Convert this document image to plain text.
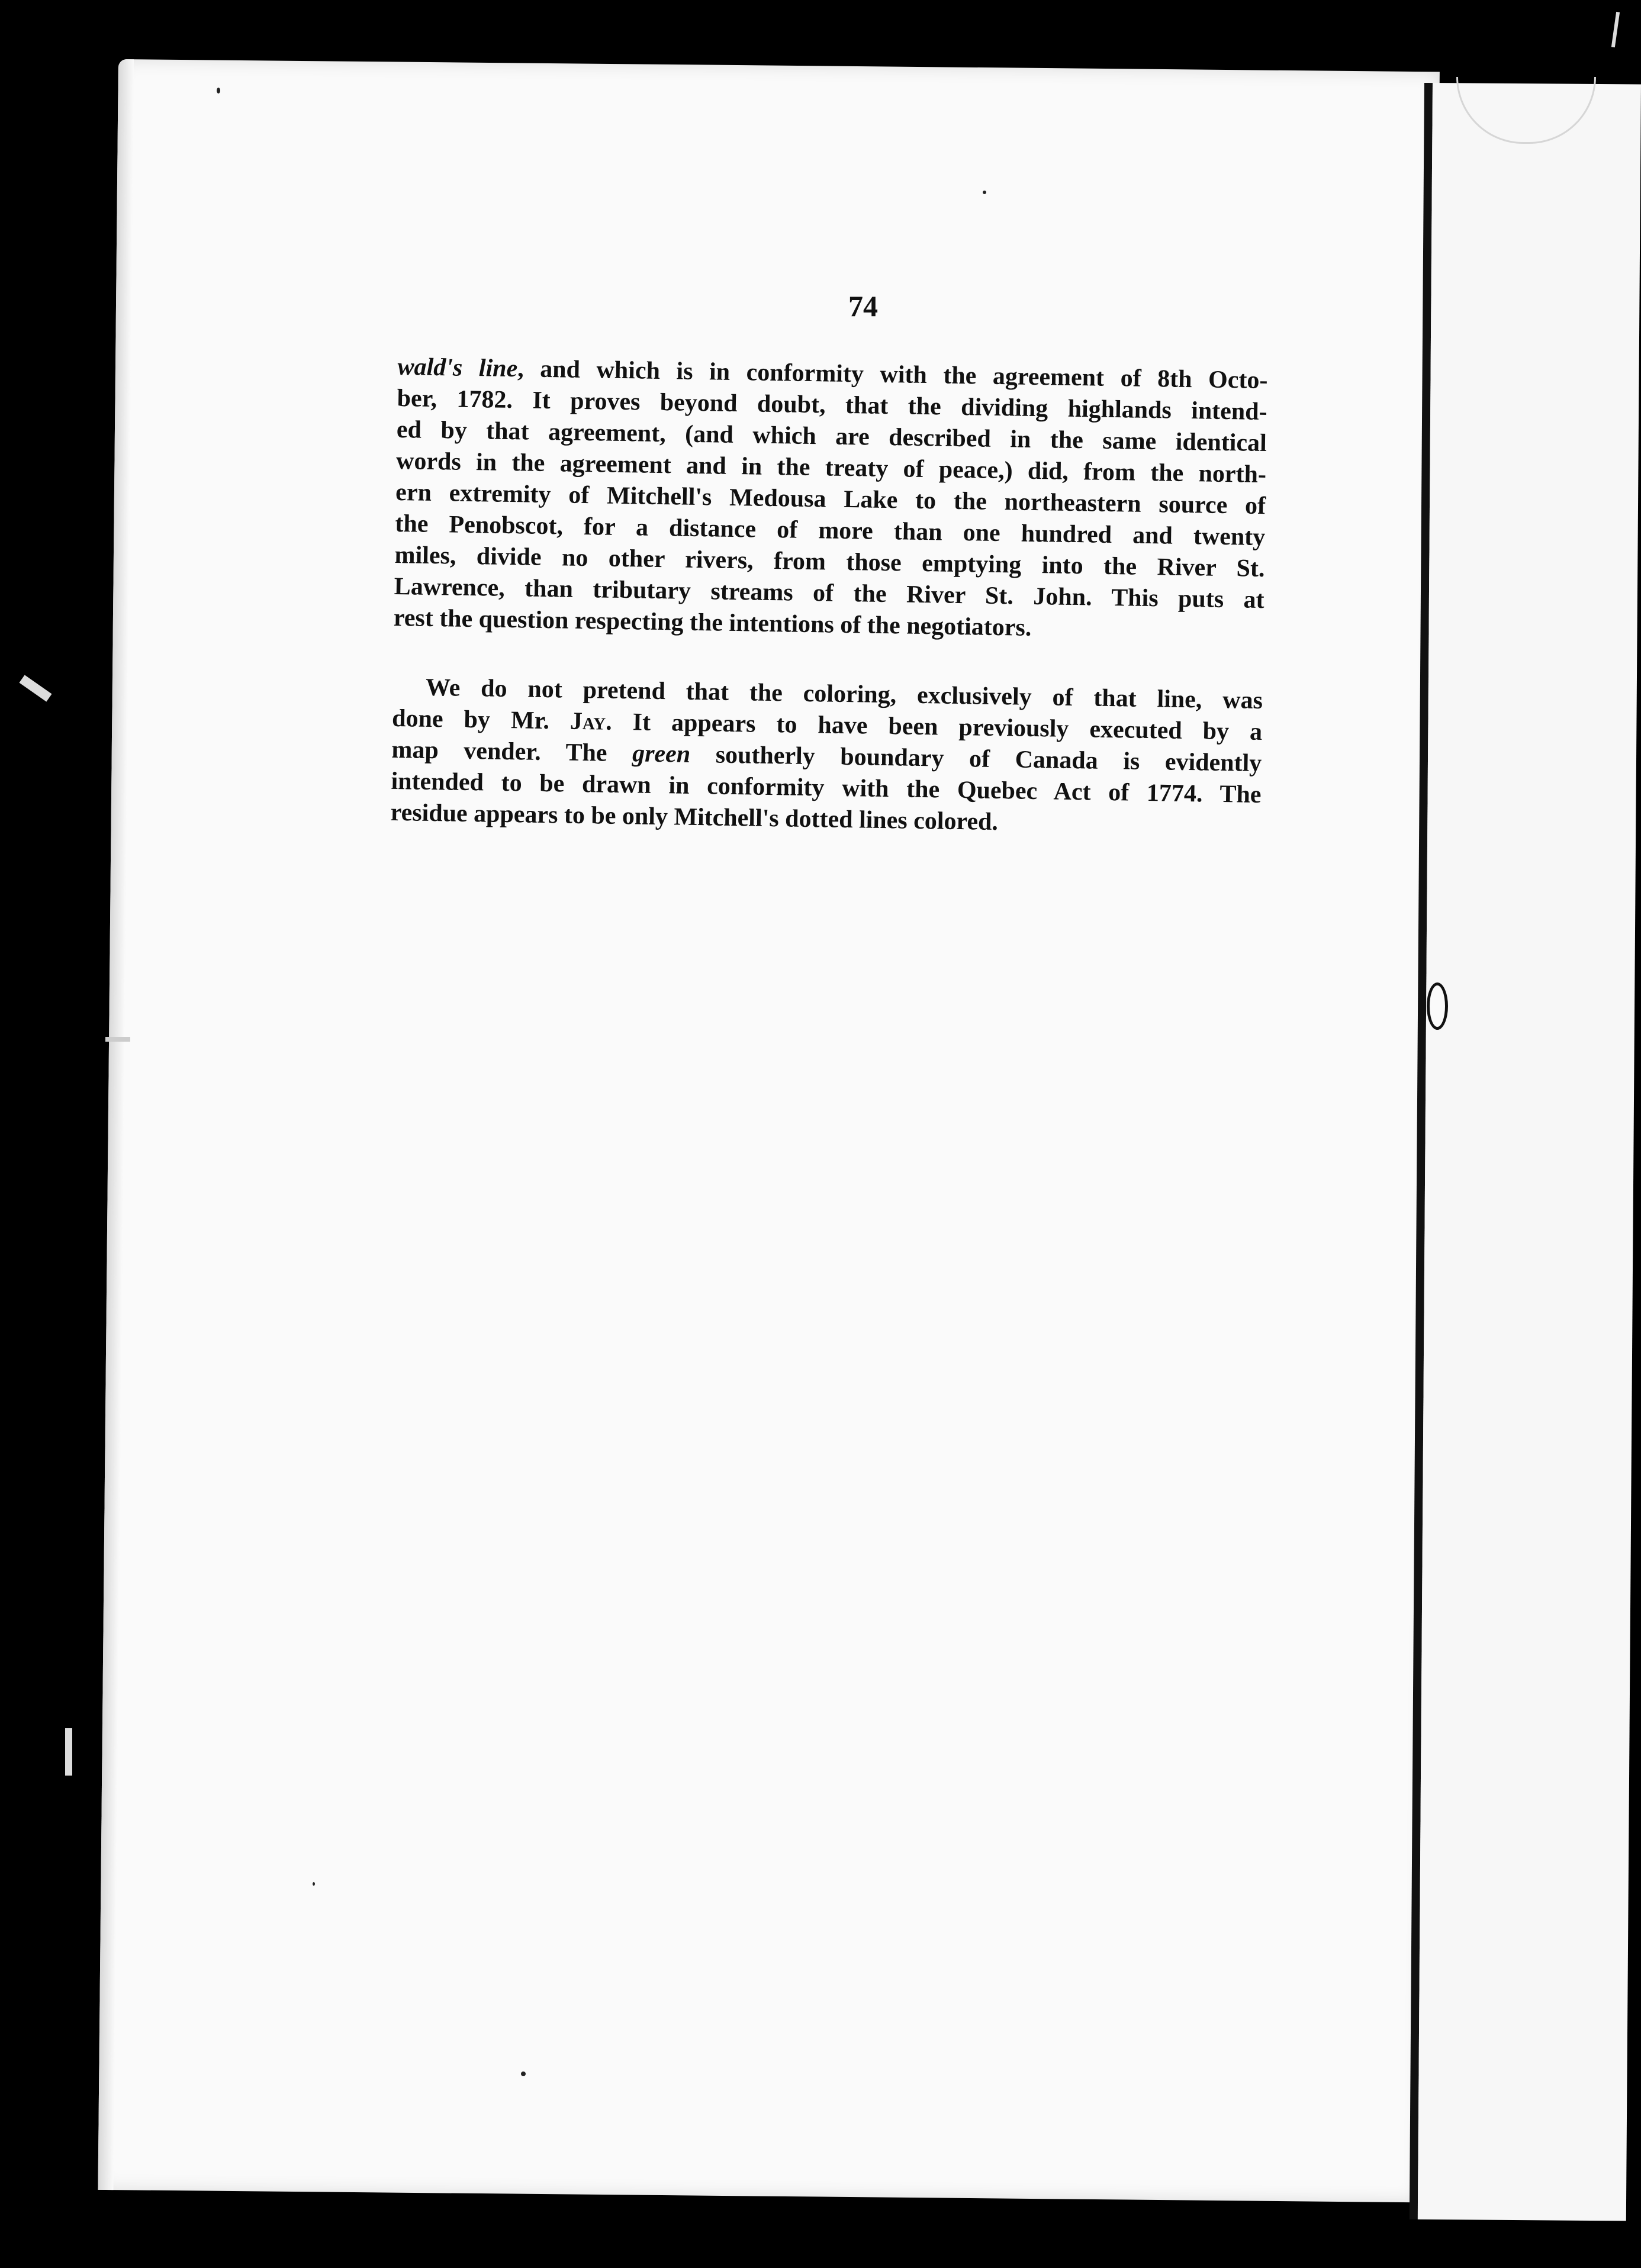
74
wald's line, and which is in conformity with the agreement of 8th Octo-
ber, 1782. It proves beyond doubt, that the dividing highlands intend-
ed by that agreement, (and which are described in the same identical
words in the agreement and in the treaty of peace,) did, from the north-
ern extremity of Mitchell's Medousa Lake to the northeastern source of
the Penobscot, for a distance of more than one hundred and twenty
miles, divide no other rivers, from those emptying into the River St.
Lawrence, than tributary streams of the River St. John. This puts at
rest the question respecting the intentions of the negotiators.
We do not pretend that the coloring, exclusively of that line, was
done by Mr. Jay. It appears to have been previously executed by a
map vender. The green southerly boundary of Canada is evidently
intended to be drawn in conformity with the Quebec Act of 1774. The
residue appears to be only Mitchell's dotted lines colored.
